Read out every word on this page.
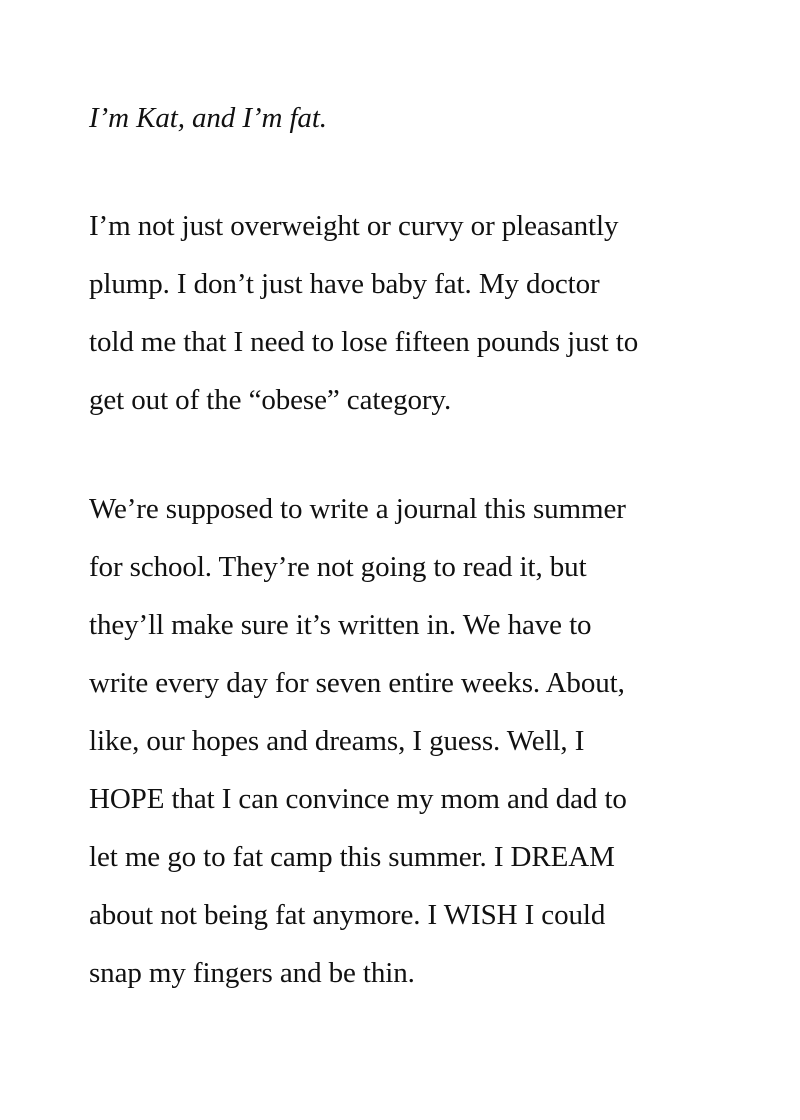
I’m Kat, and I’m fat.
I’m not just overweight or curvy or pleasantly
plump. I don’t just have baby fat. My doctor
told me that I need to lose fifteen pounds just to
get out of the “obese” category.
We’re supposed to write a journal this summer
for school. They’re not going to read it, but
they’ll make sure it’s written in. We have to
write every day for seven entire weeks. About,
like, our hopes and dreams, I guess. Well, I
HOPE that I can convince my mom and dad to
let me go to fat camp this summer. I DREAM
about not being fat anymore. I WISH I could
snap my fingers and be thin.
